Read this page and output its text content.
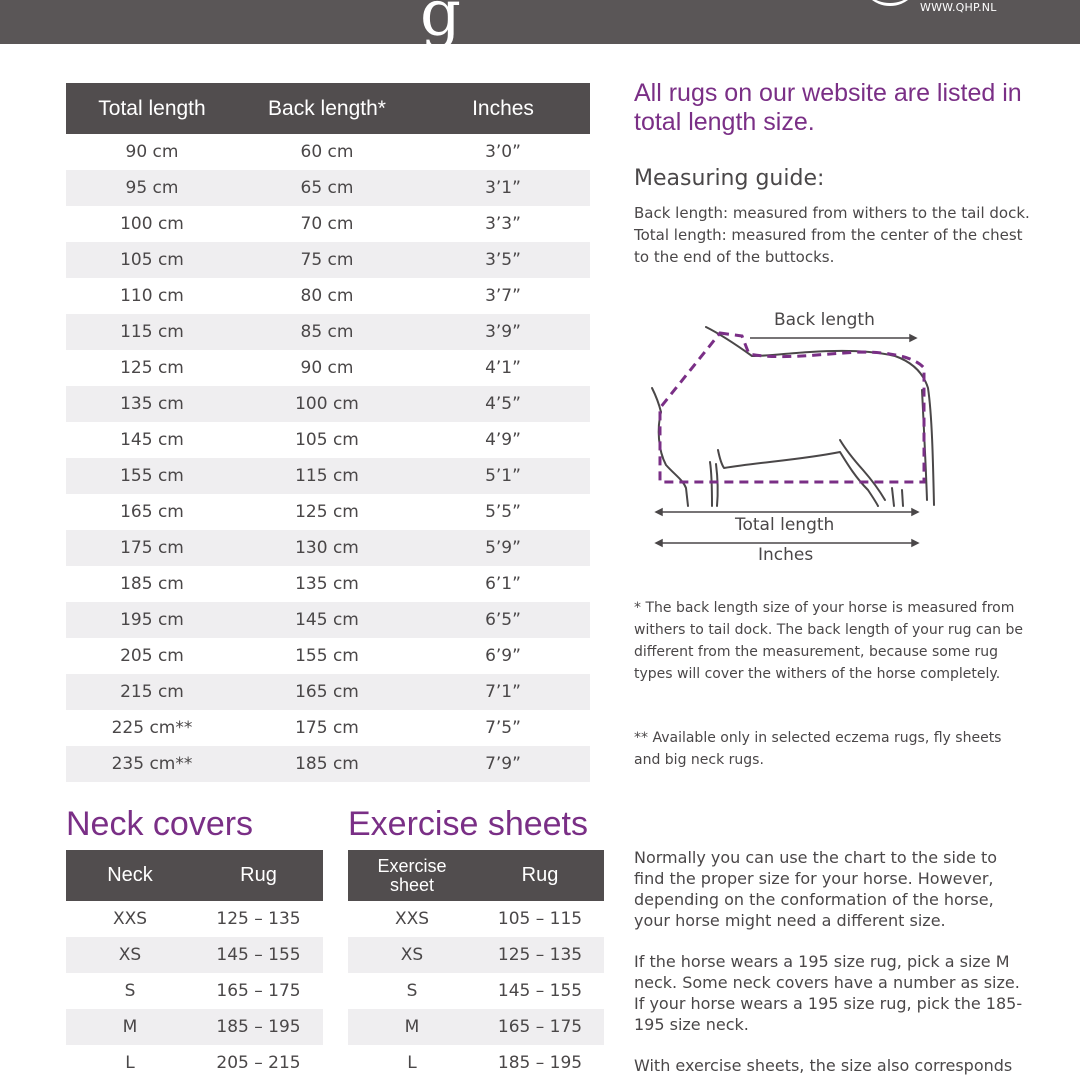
g	WWW.QHP.NL
Total length	Back length*	Inches
90 cm	60 cm	3’0”
95 cm	65 cm	3’1”
100 cm	70 cm	3’3”
105 cm	75 cm	3’5”
110 cm	80 cm	3’7”
115 cm	85 cm	3’9”
125 cm	90 cm	4’1”
135 cm	100 cm	4’5”
145 cm	105 cm	4’9”
155 cm	115 cm	5’1”
165 cm	125 cm	5’5”
175 cm	130 cm	5’9”
185 cm	135 cm	6’1”
195 cm	145 cm	6’5”
205 cm	155 cm	6’9”
215 cm	165 cm	7’1”
225 cm**	175 cm	7’5”
235 cm**	185 cm	7’9”
All rugs on our website are listed in total length size.
Measuring guide:
Back length: measured from withers to the tail dock.
Total length: measured from the center of the chest to the end of the buttocks.
Back length
Total length
Inches
* The back length size of your horse is measured from withers to tail dock. The back length of your rug can be different from the measurement, because some rug types will cover the withers of the horse completely.
** Available only in selected eczema rugs, fly sheets and big neck rugs.
Neck covers
Neck	Rug
XXS	125 – 135
XS	145 – 155
S	165 – 175
M	185 – 195
L	205 – 215
Exercise sheets
Exercise
sheet	Rug
XXS	105 – 115
XS	125 – 135
S	145 – 155
M	165 – 175
L	185 – 195

Normally you can use the chart to the side to find the proper size for your horse. However, depending on the conformation of the horse, your horse might need a different size.

If the horse wears a 195 size rug, pick a size M neck. Some neck covers have a number as size. If your horse wears a 195 size rug, pick the 185-195 size neck.

With exercise sheets, the size also corresponds
